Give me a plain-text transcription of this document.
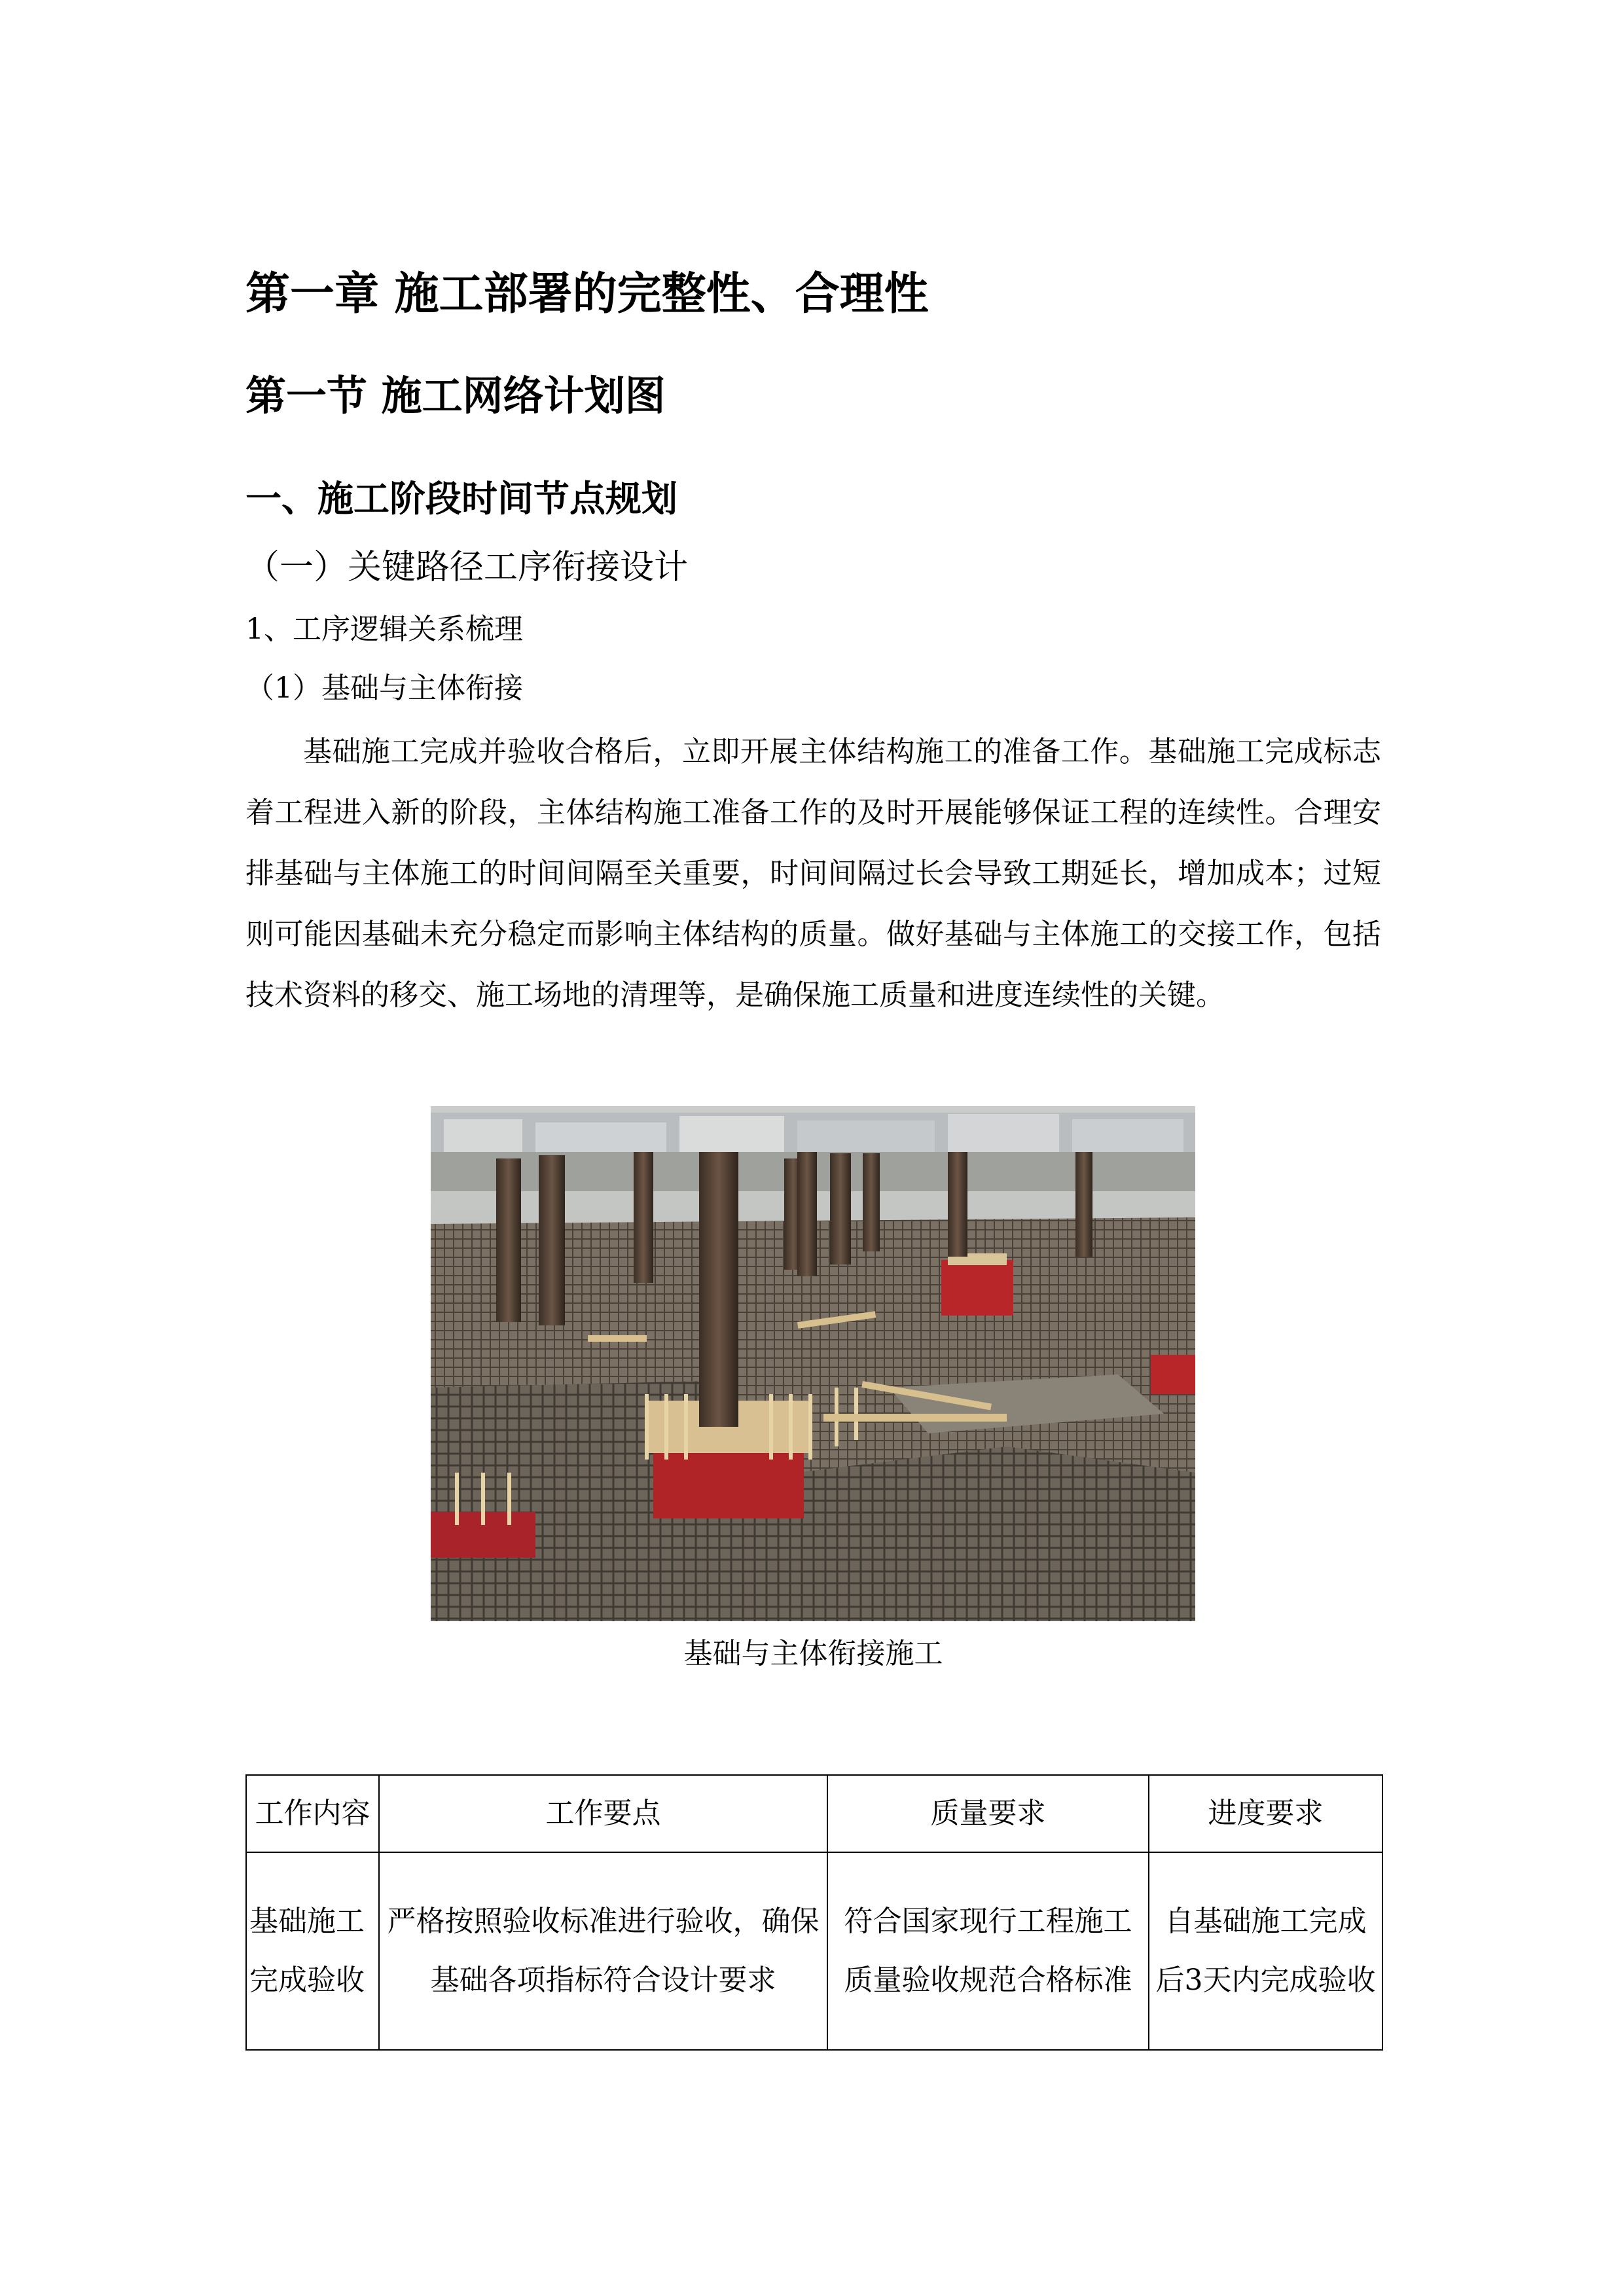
第一章 施工部署的完整性、合理性
第一节 施工网络计划图
一、施工阶段时间节点规划
（一）关键路径工序衔接设计
1、工序逻辑关系梳理
（1）基础与主体衔接

基础施工完成并验收合格后，立即开展主体结构施工的准备工作。基础施工完成标志着工程进入新的阶段，主体结构施工准备工作的及时开展能够保证工程的连续性。合理安排基础与主体施工的时间间隔至关重要，时间间隔过长会导致工期延长，增加成本；过短则可能因基础未充分稳定而影响主体结构的质量。做好基础与主体施工的交接工作，包括技术资料的移交、施工场地的清理等，是确保施工质量和进度连续性的关键。

基础与主体衔接施工
工作内容	工作要点	质量要求	进度要求
基础施工完成验收	严格按照验收标准进行验收，确保基础各项指标符合设计要求	符合国家现行工程施工质量验收规范合格标准	自基础施工完成后3天内完成验收
